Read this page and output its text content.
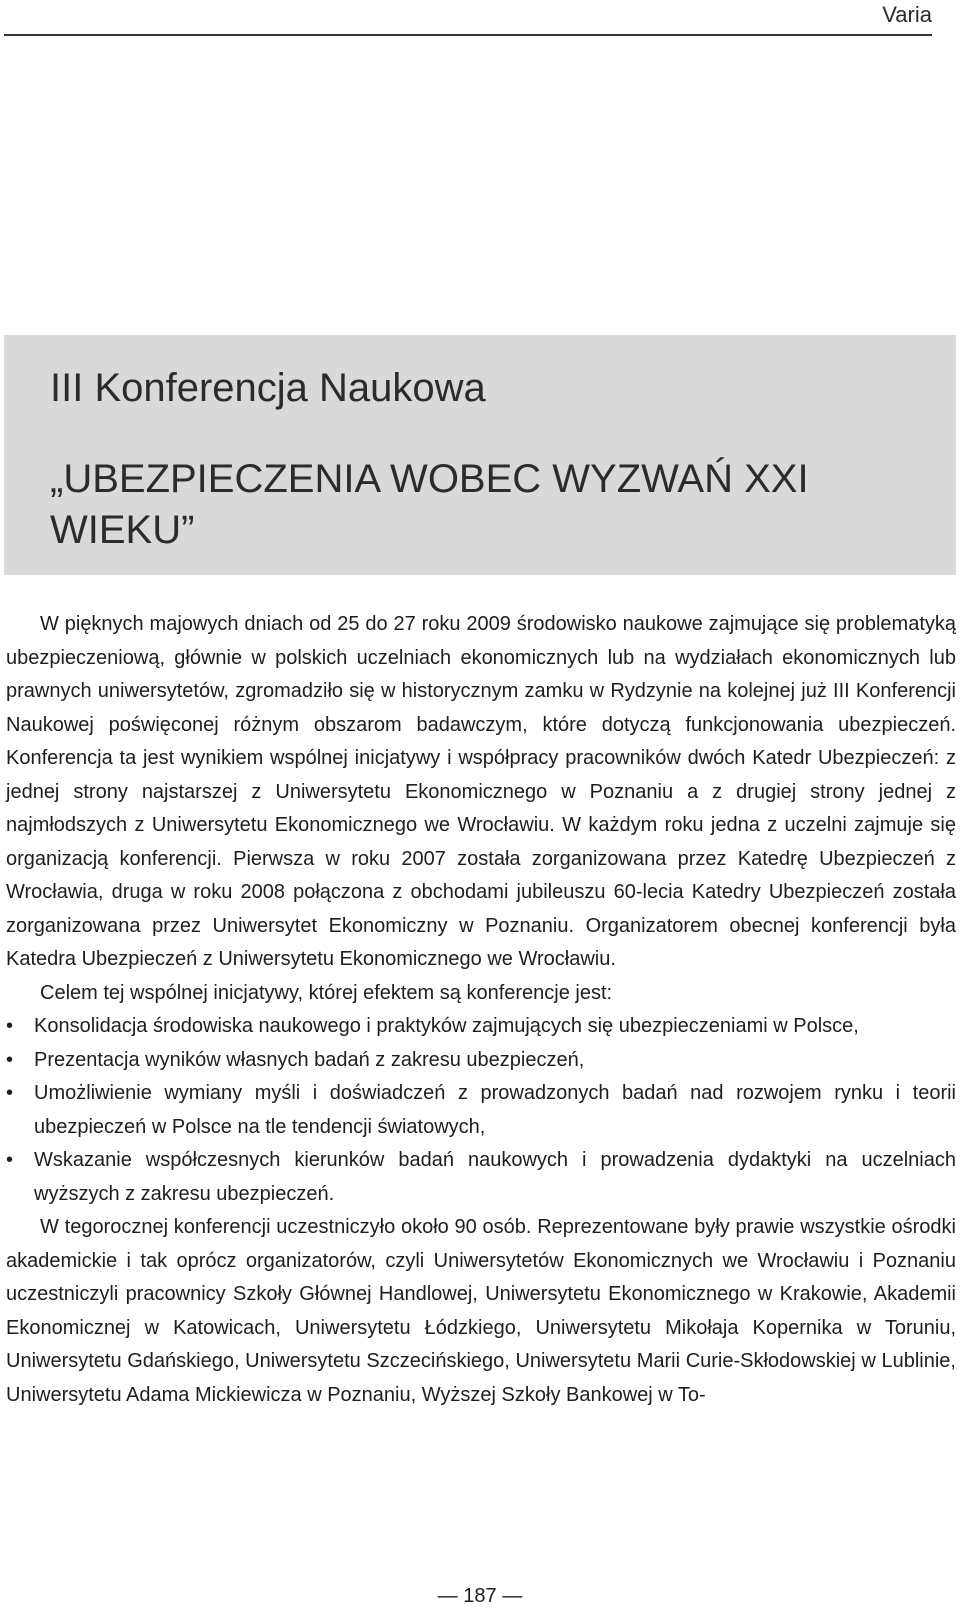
Varia
III Konferencja Naukowa
„UBEZPIECZENIA WOBEC WYZWAŃ XXI WIEKU”

W pięknych majowych dniach od 25 do 27 roku 2009 środowisko naukowe zajmujące się problematyką ubezpieczeniową, głównie w polskich uczelniach ekonomicznych lub na wydziałach ekonomicznych lub prawnych uniwersytetów, zgromadziło się w historycznym zamku w Rydzynie na kolejnej już III Konferencji Naukowej poświęconej różnym obszarom badawczym, które dotyczą funkcjonowania ubezpieczeń. Konferencja ta jest wynikiem wspólnej inicjatywy i współpracy pracowników dwóch Katedr Ubezpieczeń: z jednej strony najstarszej z Uniwersytetu Ekonomicznego w Poznaniu a z drugiej strony jednej z najmłodszych z Uniwersytetu Ekonomicznego we Wrocławiu. W każdym roku jedna z uczelni zajmuje się organizacją konferencji. Pierwsza w roku 2007 została zorganizowana przez Katedrę Ubezpieczeń z Wrocławia, druga w roku 2008 połączona z obchodami jubileuszu 60-lecia Katedry Ubezpieczeń została zorganizowana przez Uniwersytet Ekonomiczny w Poznaniu. Organizatorem obecnej konferencji była Katedra Ubezpieczeń z Uniwersytetu Ekonomicznego we Wrocławiu.

Celem tej wspólnej inicjatywy, której efektem są konferencje jest:

• Konsolidacja środowiska naukowego i praktyków zajmujących się ubezpieczeniami w Polsce,
• Prezentacja wyników własnych badań z zakresu ubezpieczeń,
• Umożliwienie wymiany myśli i doświadczeń z prowadzonych badań nad rozwojem rynku i teorii ubezpieczeń w Polsce na tle tendencji światowych,
• Wskazanie współczesnych kierunków badań naukowych i prowadzenia dydaktyki na uczelniach wyższych z zakresu ubezpieczeń.

W tegorocznej konferencji uczestniczyło około 90 osób. Reprezentowane były prawie wszystkie ośrodki akademickie i tak oprócz organizatorów, czyli Uniwersytetów Ekonomicznych we Wrocławiu i Poznaniu uczestniczyli pracownicy Szkoły Głównej Handlowej, Uniwersytetu Ekonomicznego w Krakowie, Akademii Ekonomicznej w Katowicach, Uniwersytetu Łódzkiego, Uniwersytetu Mikołaja Kopernika w Toruniu, Uniwersytetu Gdańskiego, Uniwersytetu Szczecińskiego, Uniwersytetu Marii Curie-Skłodowskiej w Lublinie, Uniwersytetu Adama Mickiewicza w Poznaniu, Wyższej Szkoły Bankowej w To-

— 187 —
